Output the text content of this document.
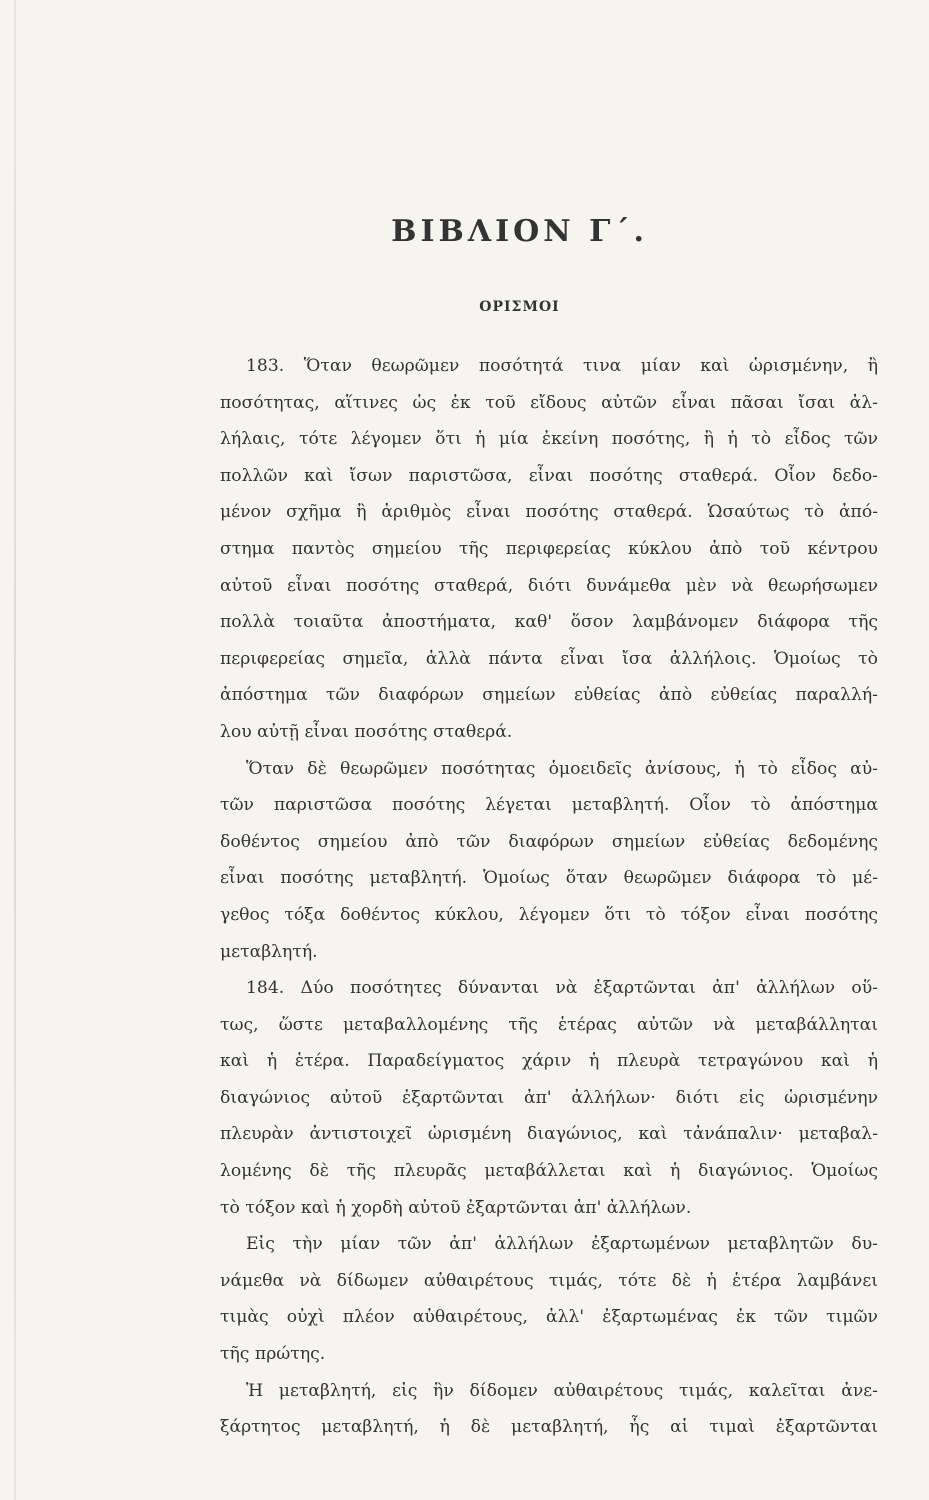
ΒΙΒΛΙΟΝ Γ΄.
ΟΡΙΣΜΟΙ
183. Ὅταν θεωρῶμεν ποσότητά τινα μίαν καὶ ὡρισμένην, ἢ
ποσότητας, αἵτινες ὡς ἐκ τοῦ εἴδους αὐτῶν εἶναι πᾶσαι ἴσαι ἀλ-
λήλαις, τότε λέγομεν ὅτι ἡ μία ἐκείνη ποσότης, ἢ ἡ τὸ εἶδος τῶν
πολλῶν καὶ ἴσων παριστῶσα, εἶναι ποσότης σταθερά. Οἷον δεδο-
μένον σχῆμα ἢ ἀριθμὸς εἶναι ποσότης σταθερά. Ὡσαύτως τὸ ἀπό-
στημα παντὸς σημείου τῆς περιφερείας κύκλου ἀπὸ τοῦ κέντρου
αὐτοῦ εἶναι ποσότης σταθερά, διότι δυνάμεθα μὲν νὰ θεωρήσωμεν
πολλὰ τοιαῦτα ἀποστήματα, καθ' ὅσον λαμβάνομεν διάφορα τῆς
περιφερείας σημεῖα, ἀλλὰ πάντα εἶναι ἴσα ἀλλήλοις. Ὁμοίως τὸ
ἀπόστημα τῶν διαφόρων σημείων εὐθείας ἀπὸ εὐθείας παραλλή-
λου αὐτῇ εἶναι ποσότης σταθερά.
Ὅταν δὲ θεωρῶμεν ποσότητας ὁμοειδεῖς ἀνίσους, ἡ τὸ εἶδος αὐ-
τῶν παριστῶσα ποσότης λέγεται μεταβλητή. Οἷον τὸ ἀπόστημα
δοθέντος σημείου ἀπὸ τῶν διαφόρων σημείων εὐθείας δεδομένης
εἶναι ποσότης μεταβλητή. Ὁμοίως ὅταν θεωρῶμεν διάφορα τὸ μέ-
γεθος τόξα δοθέντος κύκλου, λέγομεν ὅτι τὸ τόξον εἶναι ποσότης
μεταβλητή.
184. Δύο ποσότητες δύνανται νὰ ἐξαρτῶνται ἀπ' ἀλλήλων οὕ-
τως, ὥστε μεταβαλλομένης τῆς ἑτέρας αὐτῶν νὰ μεταβάλληται
καὶ ἡ ἑτέρα. Παραδείγματος χάριν ἡ πλευρὰ τετραγώνου καὶ ἡ
διαγώνιος αὐτοῦ ἐξαρτῶνται ἀπ' ἀλλήλων· διότι εἰς ὡρισμένην
πλευρὰν ἀντιστοιχεῖ ὡρισμένη διαγώνιος, καὶ τἀνάπαλιν· μεταβαλ-
λομένης δὲ τῆς πλευρᾶς μεταβάλλεται καὶ ἡ διαγώνιος. Ὁμοίως
τὸ τόξον καὶ ἡ χορδὴ αὐτοῦ ἐξαρτῶνται ἀπ' ἀλλήλων.
Εἰς τὴν μίαν τῶν ἀπ' ἀλλήλων ἐξαρτωμένων μεταβλητῶν δυ-
νάμεθα νὰ δίδωμεν αὐθαιρέτους τιμάς, τότε δὲ ἡ ἑτέρα λαμβάνει
τιμὰς οὐχὶ πλέον αὐθαιρέτους, ἀλλ' ἐξαρτωμένας ἐκ τῶν τιμῶν
τῆς πρώτης.
Ἡ μεταβλητή, εἰς ἣν δίδομεν αὐθαιρέτους τιμάς, καλεῖται ἀνε-
ξάρτητος μεταβλητή, ἡ δὲ μεταβλητή, ἧς αἱ τιμαὶ ἐξαρτῶνται
